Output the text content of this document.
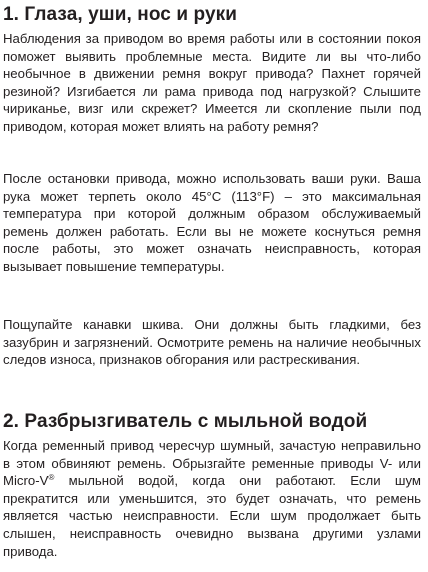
1. Глаза, уши, нос и руки

Наблюдения за приводом во время работы или в состоянии покоя поможет выявить проблемные места. Видите ли вы что-либо необычное в движении ремня вокруг привода? Пахнет горячей резиной? Изгибается ли рама привода под нагрузкой? Слышите чириканье, визг или скрежет? Имеется ли скопление пыли под приводом, которая может влиять на работу ремня?

После остановки привода, можно использовать ваши руки. Ваша рука может терпеть около 45°C (113°F) – это максимальная температура при которой должным образом обслуживаемый ремень должен работать. Если вы не можете коснуться ремня после работы, это может означать неисправность, которая вызывает повышение температуры.

Пощупайте канавки шкива. Они должны быть гладкими, без зазубрин и загрязнений. Осмотрите ремень на наличие необычных следов износа, признаков обгорания или растрескивания.

2. Разбрызгиватель с мыльной водой

Когда ременный привод чересчур шумный, зачастую неправильно в этом обвиняют ремень. Обрызгайте ременные приводы V- или Micro-V® мыльной водой, когда они работают. Если шум прекратится или уменьшится, это будет означать, что ремень является частью неисправности. Если шум продолжает быть слышен, неисправность очевидно вызвана другими узлами привода.
